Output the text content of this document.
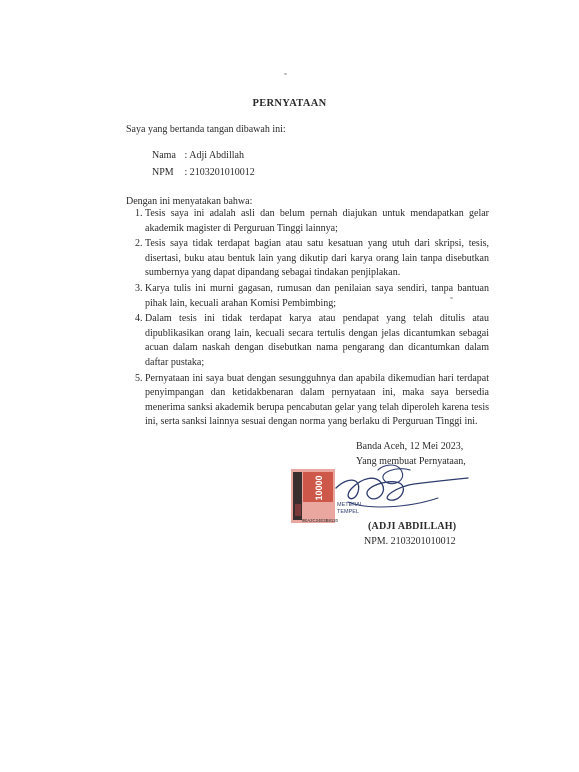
PERNYATAAN
Saya yang bertanda tangan dibawah ini:
Nama : Adji Abdillah
NPM : 2103201010012
Dengan ini menyatakan bahwa:
1. Tesis saya ini adalah asli dan belum pernah diajukan untuk mendapatkan gelar akademik magister di Perguruan Tinggi lainnya;
2. Tesis saya tidak terdapat bagian atau satu kesatuan yang utuh dari skripsi, tesis, disertasi, buku atau bentuk lain yang dikutip dari karya orang lain tanpa disebutkan sumbernya yang dapat dipandang sebagai tindakan penjiplakan.
3. Karya tulis ini murni gagasan, rumusan dan penilaian saya sendiri, tanpa bantuan pihak lain, kecuali arahan Komisi Pembimbing;
4. Dalam tesis ini tidak terdapat karya atau pendapat yang telah ditulis atau dipublikasikan orang lain, kecuali secara tertulis dengan jelas dicantumkan sebagai acuan dalam naskah dengan disebutkan nama pengarang dan dicantumkan dalam daftar pustaka;
5. Pernyataan ini saya buat dengan sesungguhnya dan apabila dikemudian hari terdapat penyimpangan dan ketidakbenaran dalam pernyataan ini, maka saya bersedia menerima sanksi akademik berupa pencabutan gelar yang telah diperoleh karena tesis ini, serta sanksi lainnya sesuai dengan norma yang berlaku di Perguruan Tinggi ini.
Banda Aceh, 12 Mei 2023,
Yang membuat Pernyataan,
10000
METERAI
TEMPEL
9EA2C24E3B8120
(ADJI ABDILLAH)
NPM. 2103201010012
